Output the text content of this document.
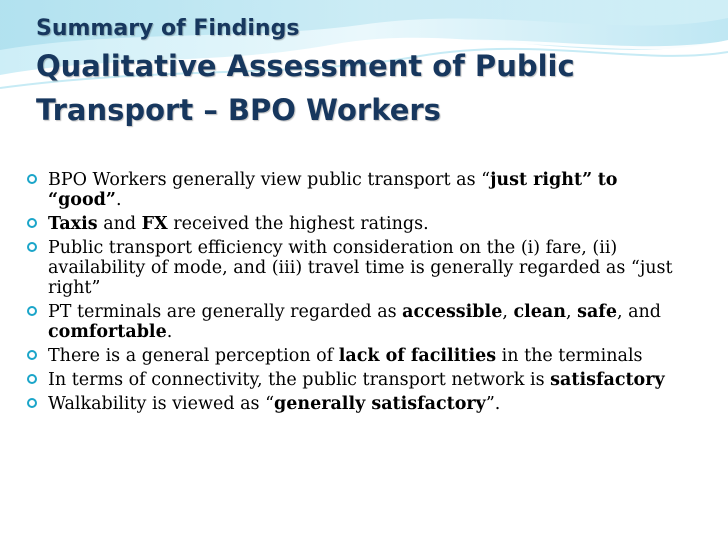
Summary of Findings

Qualitative Assessment of Public

Transport – BPO Workers

BPO Workers generally view public transport as “just right” to “good”.
Taxis and FX received the highest ratings.
Public transport efficiency with consideration on the (i) fare, (ii) availability of mode, and (iii) travel time is generally regarded as “just right”
PT terminals are generally regarded as accessible, clean, safe, and comfortable.
There is a general perception of lack of facilities in the terminals
In terms of connectivity, the public transport network is satisfactory
Walkability is viewed as “generally satisfactory”.
